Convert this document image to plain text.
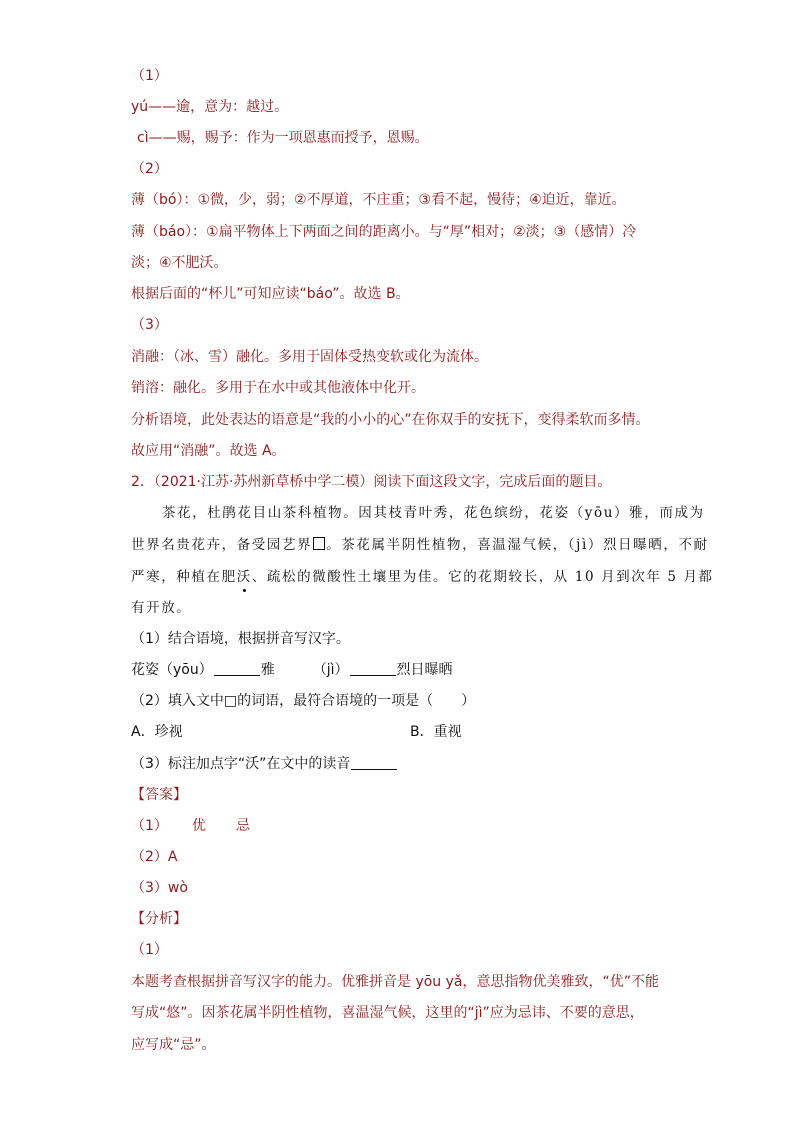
（1）
yú——逾，意为：越过。
cì——赐，赐予：作为一项恩惠而授予，恩赐。
（2）
薄（bó）：①微，少，弱；②不厚道，不庄重；③看不起，慢待；④迫近，靠近。
薄（báo）：①扁平物体上下两面之间的距离小。与“厚”相对；②淡；③（感情）冷
淡；④不肥沃。
根据后面的“杯儿”可知应读“báo”。故选 B。
（3）
消融：（冰、雪）融化。多用于固体受热变软或化为流体。
销溶：融化。多用于在水中或其他液体中化开。
分析语境，此处表达的语意是“我的小小的心”在你双手的安抚下，变得柔软而多情。
故应用“消融”。故选 A。
2．（2021·江苏·苏州新草桥中学二模）阅读下面这段文字，完成后面的题目。
茶花，杜鹃花目山茶科植物。因其枝青叶秀，花色缤纷，花姿（yōu）雅，而成为
世界名贵花卉，备受园艺界 。茶花属半阴性植物，喜温湿气候，（jì）烈日曝晒，不耐
严寒，种植在肥沃、疏松的微酸性土壤里为佳。它的花期较长，从 10 月到次年 5 月都
有开放。
（1）结合语境，根据拼音写汉字。
花姿（yōu）	雅	（jì）	烈日曝晒
（2）填入文中□的词语，最符合语境的一项是（　　）
A．珍视	B．重视
（3）标注加点字“沃”在文中的读音
【答案】
（1） 优 忌
（2）A
（3）wò
【分析】
（1）
本题考查根据拼音写汉字的能力。优雅拼音是 yōu yǎ，意思指物优美雅致，“优”不能
写成“悠”。因茶花属半阴性植物，喜温湿气候，这里的“jì”应为忌讳、不要的意思，
应写成“忌”。
